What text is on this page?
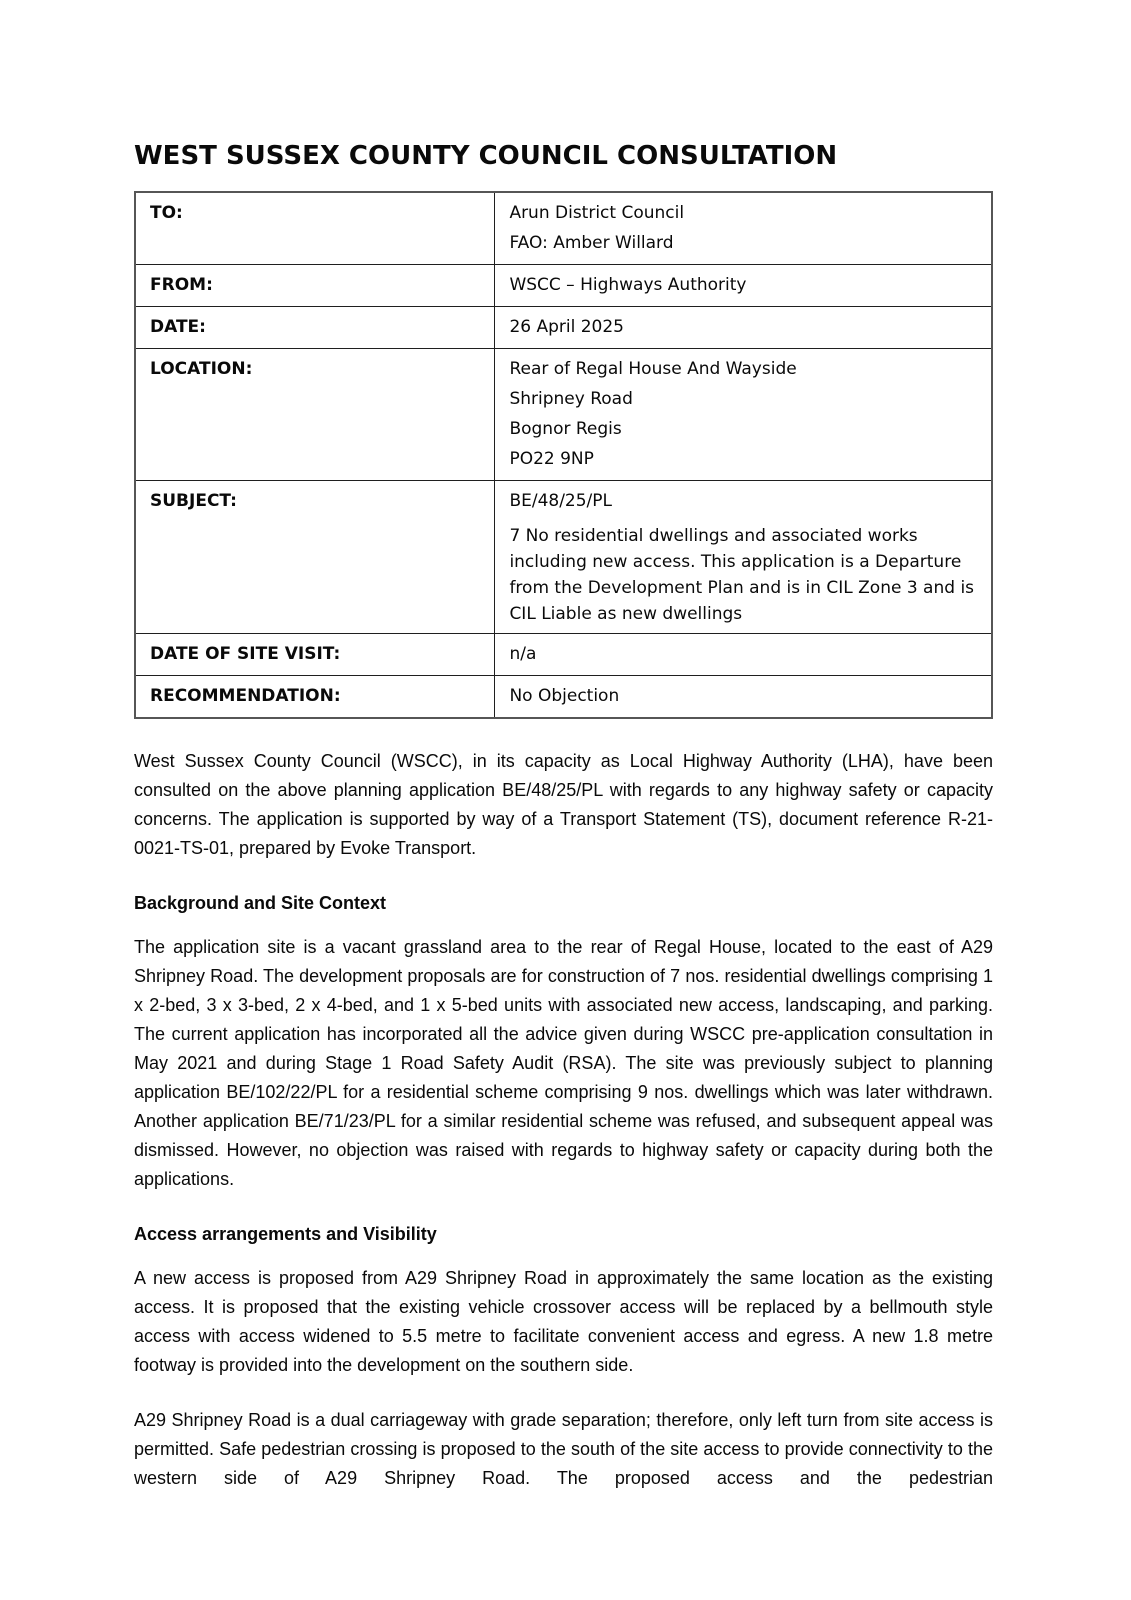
WEST SUSSEX COUNTY COUNCIL CONSULTATION
TO:	Arun District Council
FAO: Amber Willard

FROM:	WSCC – Highways Authority

DATE:	26 April 2025

LOCATION:	Rear of Regal House And Wayside
Shripney Road
Bognor Regis
PO22 9NP

SUBJECT:	BE/48/25/PL
7 No residential dwellings and associated works including new access. This application is a Departure from the Development Plan and is in CIL Zone 3 and is CIL Liable as new dwellings

DATE OF SITE VISIT:	n/a

RECOMMENDATION:	No Objection

West Sussex County Council (WSCC), in its capacity as Local Highway Authority (LHA), have been consulted on the above planning application BE/48/25/PL with regards to any highway safety or capacity concerns. The application is supported by way of a Transport Statement (TS), document reference R-21-0021-TS-01, prepared by Evoke Transport.

Background and Site Context

The application site is a vacant grassland area to the rear of Regal House, located to the east of A29 Shripney Road. The development proposals are for construction of 7 nos. residential dwellings comprising 1 x 2-bed, 3 x 3-bed, 2 x 4-bed, and 1 x 5-bed units with associated new access, landscaping, and parking. The current application has incorporated all the advice given during WSCC pre-application consultation in May 2021 and during Stage 1 Road Safety Audit (RSA). The site was previously subject to planning application BE/102/22/PL for a residential scheme comprising 9 nos. dwellings which was later withdrawn. Another application BE/71/23/PL for a similar residential scheme was refused, and subsequent appeal was dismissed. However, no objection was raised with regards to highway safety or capacity during both the applications.

Access arrangements and Visibility

A new access is proposed from A29 Shripney Road in approximately the same location as the existing access. It is proposed that the existing vehicle crossover access will be replaced by a bellmouth style access with access widened to 5.5 metre to facilitate convenient access and egress. A new 1.8 metre footway is provided into the development on the southern side.

A29 Shripney Road is a dual carriageway with grade separation; therefore, only left turn from site access is permitted. Safe pedestrian crossing is proposed to the south of the site access to provide connectivity to the western side of A29 Shripney Road. The proposed access and the pedestrian
